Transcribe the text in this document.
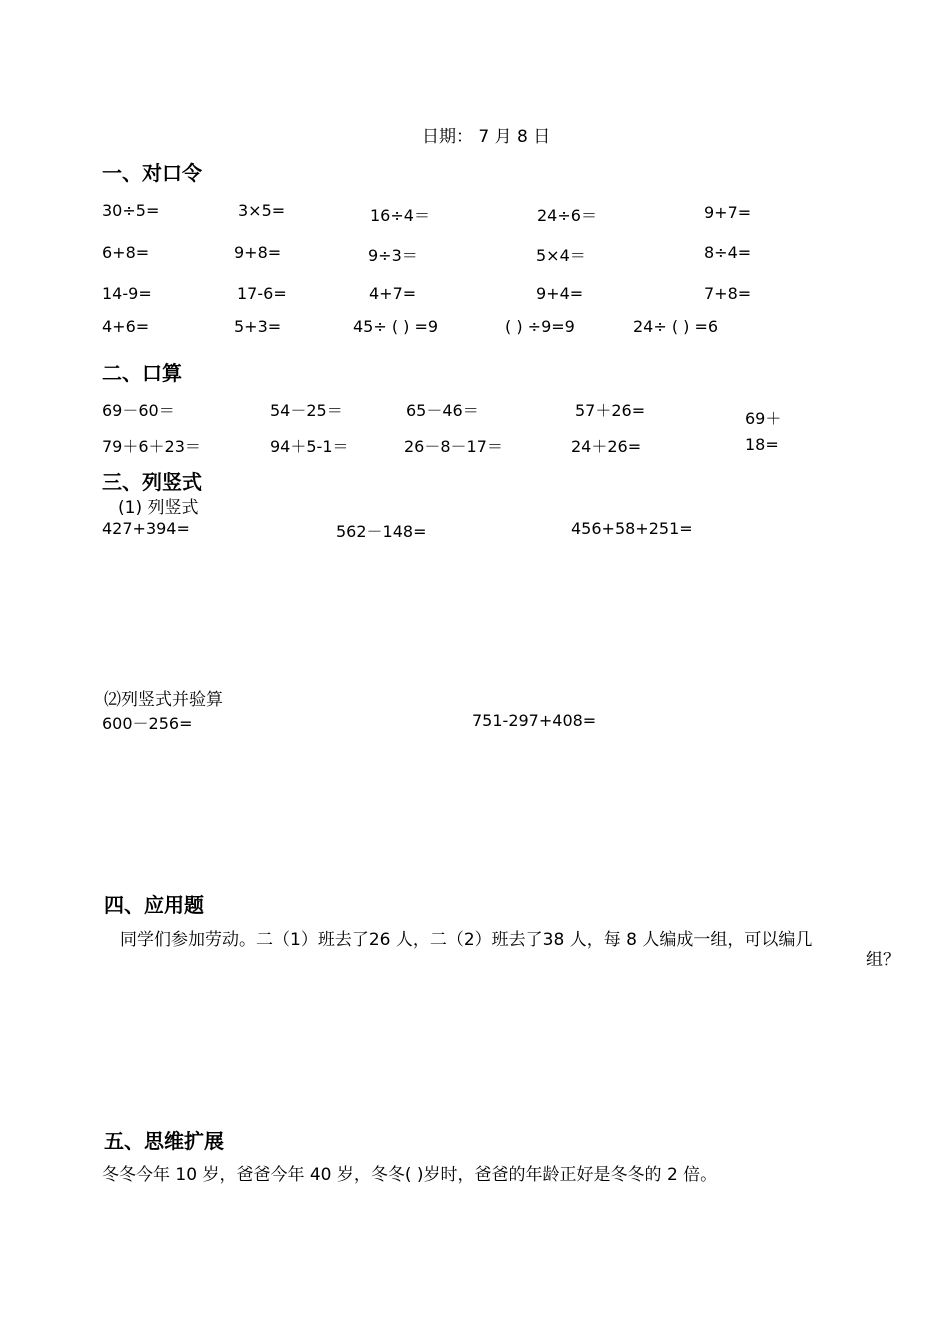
日期： 7 月 8 日
一、对口令
30÷5=	3×5=	16÷4＝	24÷6＝	9+7=
6+8=	9+8=	9÷3＝	5×4＝	8÷4=
14-9=	17-6=	4+7=	9+4=	7+8=
4+6=	5+3=	45÷ ( ) =9	( ) ÷9=9	24÷ ( ) =6
二、口算
69－60＝	54－25＝	65－46＝	57＋26=	69＋
79＋6＋23＝	94＋5-1＝	26－8－17＝	24＋26=	18=
三、列竖式
(1) 列竖式
427+394=	562－148=	456+58+251=
⑵列竖式并验算
600－256=	751-297+408=
四、应用题
同学们参加劳动。二（1）班去了26 人，二（2）班去了38 人，每 8 人编成一组，可以编几
组？
五、思维扩展
冬冬今年 10 岁，爸爸今年 40 岁，冬冬( )岁时，爸爸的年龄正好是冬冬的 2 倍。
